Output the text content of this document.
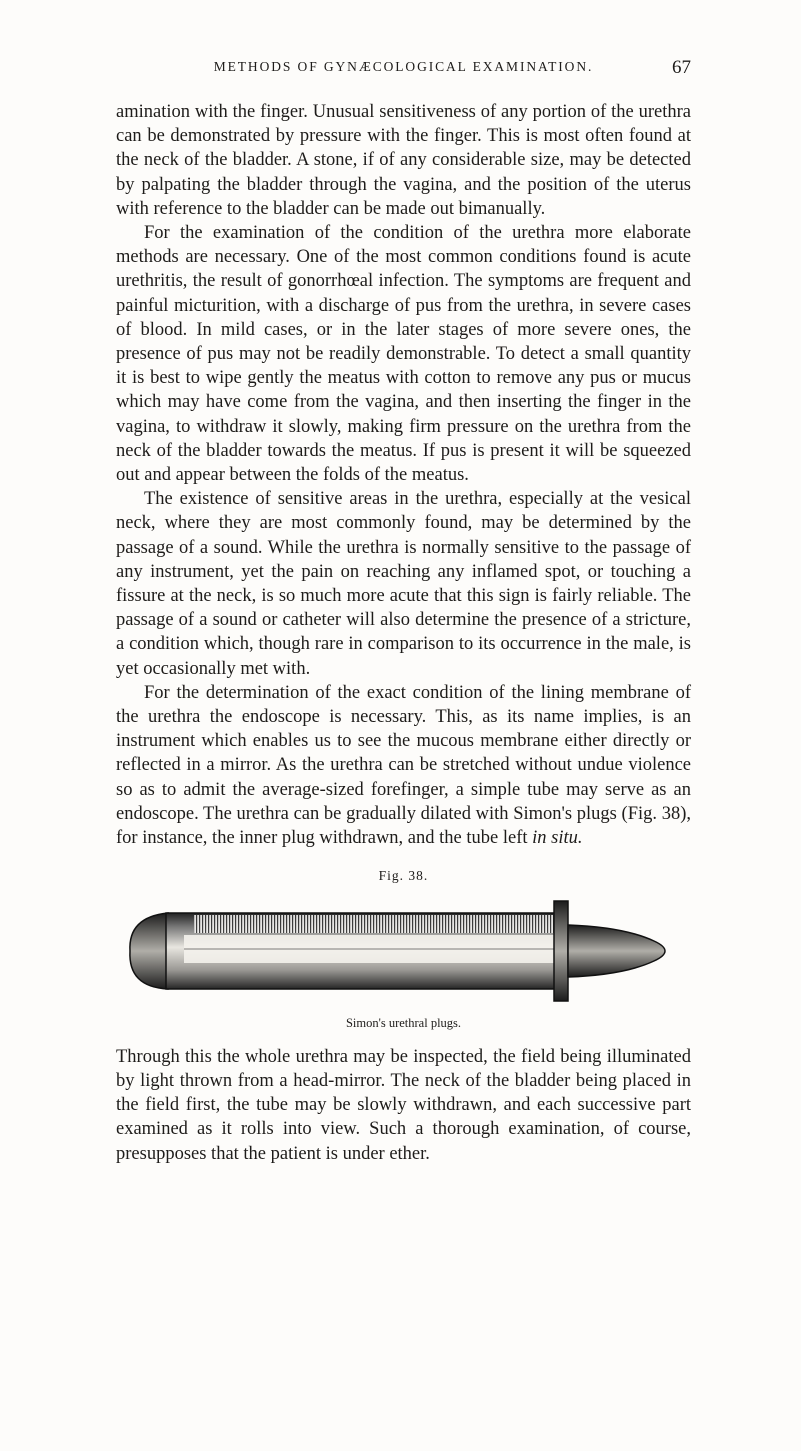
METHODS OF GYNÆCOLOGICAL EXAMINATION.	67

amination with the finger. Unusual sensitiveness of any portion of the urethra can be demonstrated by pressure with the finger. This is most often found at the neck of the bladder. A stone, if of any considerable size, may be detected by palpating the bladder through the vagina, and the position of the uterus with reference to the bladder can be made out bimanually.

For the examination of the condition of the urethra more elaborate methods are necessary. One of the most common conditions found is acute urethritis, the result of gonorrhœal infection. The symptoms are frequent and painful micturition, with a discharge of pus from the urethra, in severe cases of blood. In mild cases, or in the later stages of more severe ones, the presence of pus may not be readily demonstrable. To detect a small quantity it is best to wipe gently the meatus with cotton to remove any pus or mucus which may have come from the vagina, and then inserting the finger in the vagina, to withdraw it slowly, making firm pressure on the urethra from the neck of the bladder towards the meatus. If pus is present it will be squeezed out and appear between the folds of the meatus.

The existence of sensitive areas in the urethra, especially at the vesical neck, where they are most commonly found, may be determined by the passage of a sound. While the urethra is normally sensitive to the passage of any instrument, yet the pain on reaching any inflamed spot, or touching a fissure at the neck, is so much more acute that this sign is fairly reliable. The passage of a sound or catheter will also determine the presence of a stricture, a condition which, though rare in comparison to its occurrence in the male, is yet occasionally met with.

For the determination of the exact condition of the lining membrane of the urethra the endoscope is necessary. This, as its name implies, is an instrument which enables us to see the mucous membrane either directly or reflected in a mirror. As the urethra can be stretched without undue violence so as to admit the average-sized forefinger, a simple tube may serve as an endoscope. The urethra can be gradually dilated with Simon's plugs (Fig. 38), for instance, the inner plug withdrawn, and the tube left in situ.

Fig. 38.
Simon's urethral plugs.

Through this the whole urethra may be inspected, the field being illuminated by light thrown from a head-mirror. The neck of the bladder being placed in the field first, the tube may be slowly withdrawn, and each successive part examined as it rolls into view. Such a thorough examination, of course, presupposes that the patient is under ether.
